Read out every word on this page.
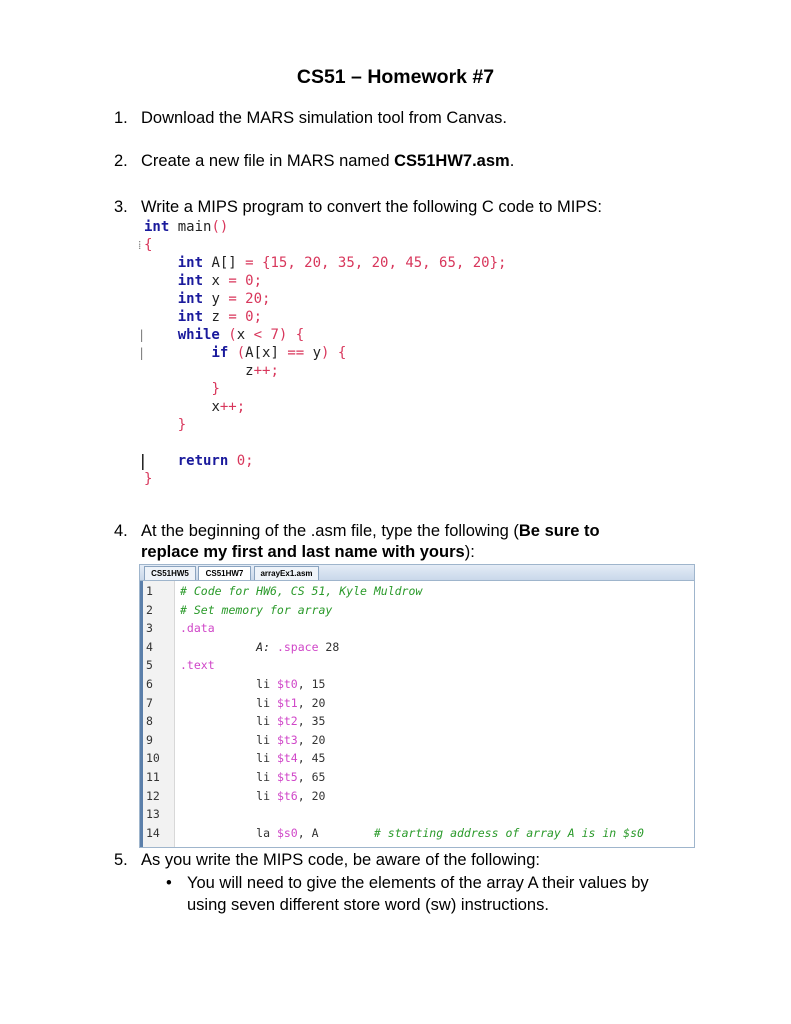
CS51 – Homework #7
1. Download the MARS simulation tool from Canvas.
2. Create a new file in MARS named CS51HW7.asm.
3. Write a MIPS program to convert the following C code to MIPS:
int main()
⁞ {
int A[] = {15, 20, 35, 20, 45, 65, 20};
int x = 0;
int y = 20;
int z = 0;
|	while (x < 7) {
|	if (A[x] == y) {
z++;
}
x++;
}
return 0;
|
}
4. At the beginning of the .asm file, type the following (Be sure to
replace my first and last name with yours):
CS51HW5	CS51HW7	arrayEx1.asm
1	# Code for HW6, CS 51, Kyle Muldrow
2	# Set memory for array
3	.data
4	A: .space 28
5	.text
6	li $t0, 15
7	li $t1, 20
8	li $t2, 35
9	li $t3, 20
10	li $t4, 45
11	li $t5, 65
12	li $t6, 20
13
14	la $s0, A	# starting address of array A is in $s0
5. As you write the MIPS code, be aware of the following:
• You will need to give the elements of the array A their values by
using seven different store word (sw) instructions.
